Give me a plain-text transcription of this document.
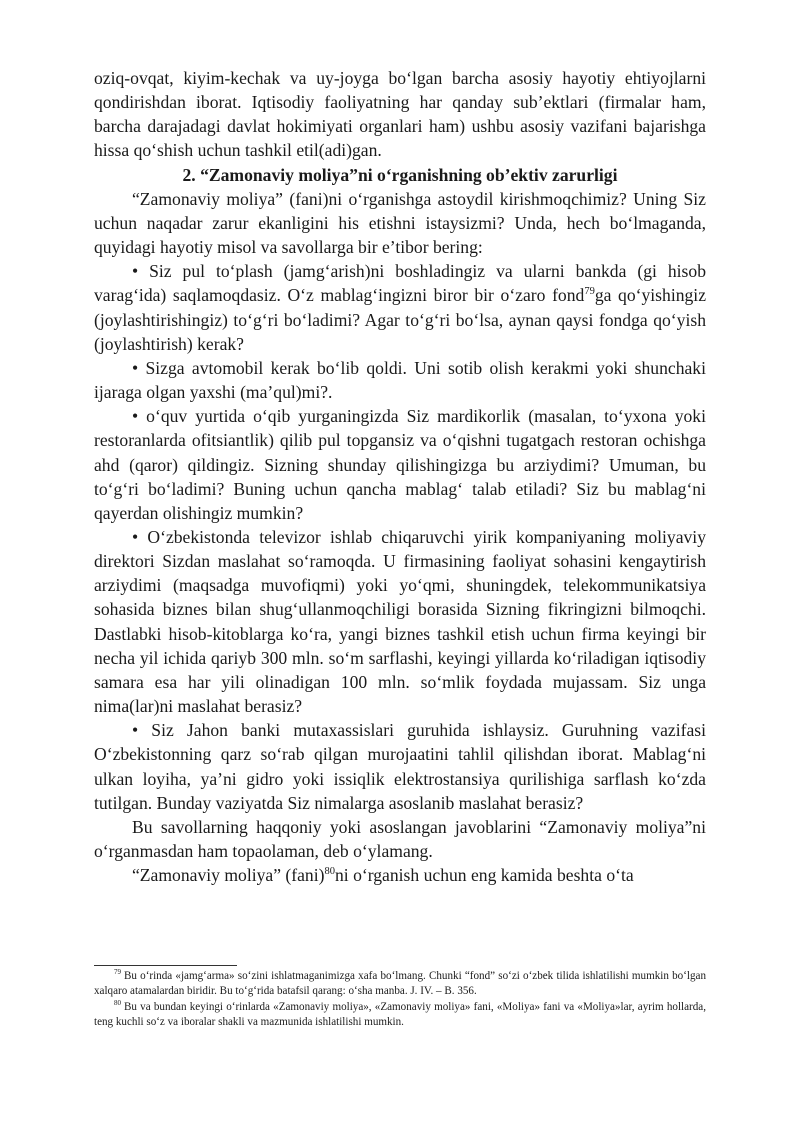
oziq-ovqat, kiyim-kechak va uy-joyga bo‘lgan barcha asosiy hayotiy ehtiyojlarni qondirishdan iborat. Iqtisodiy faoliyatning har qanday sub’ektlari (firmalar ham, barcha darajadagi davlat hokimiyati organlari ham) ushbu asosiy vazifani bajarishga hissa qo‘shish uchun tashkil etil(adi)gan.

2. “Zamonaviy moliya”ni o‘rganishning ob’ektiv zarurligi

“Zamonaviy moliya” (fani)ni o‘rganishga astoydil kirishmoqchimiz? Uning Siz uchun naqadar zarur ekanligini his etishni istaysizmi? Unda, hech bo‘lmaganda, quyidagi hayotiy misol va savollarga bir e’tibor bering:

• Siz pul to‘plash (jamg‘arish)ni boshladingiz va ularni bankda (gi hisob varag‘ida) saqlamoqdasiz. O‘z mablag‘ingizni biror bir o‘zaro fond$^{79}$ga qo‘yishingiz (joylashtirishingiz) to‘g‘ri bo‘ladimi? Agar to‘g‘ri bo‘lsa, aynan qaysi fondga qo‘yish (joylashtirish) kerak?

• Sizga avtomobil kerak bo‘lib qoldi. Uni sotib olish kerakmi yoki shunchaki ijaraga olgan yaxshi (ma’qul)mi?.

• o‘quv yurtida o‘qib yurganingizda Siz mardikorlik (masalan, to‘yxona yoki restoranlarda ofitsiantlik) qilib pul topgansiz va o‘qishni tugatgach restoran ochishga ahd (qaror) qildingiz. Sizning shunday qilishingizga bu arziydimi? Umuman, bu to‘g‘ri bo‘ladimi? Buning uchun qancha mablag‘ talab etiladi? Siz bu mablag‘ni qayerdan olishingiz mumkin?

• O‘zbekistonda televizor ishlab chiqaruvchi yirik kompaniyaning moliyaviy direktori Sizdan maslahat so‘ramoqda. U firmasining faoliyat sohasini kengaytirish arziydimi (maqsadga muvofiqmi) yoki yo‘qmi, shuningdek, telekommunikatsiya sohasida biznes bilan shug‘ullanmoqchiligi borasida Sizning fikringizni bilmoqchi. Dastlabki hisob-kitoblarga ko‘ra, yangi biznes tashkil etish uchun firma keyingi bir necha yil ichida qariyb 300 mln. so‘m sarflashi, keyingi yillarda ko‘riladigan iqtisodiy samara esa har yili olinadigan 100 mln. so‘mlik foydada mujassam. Siz unga nima(lar)ni maslahat berasiz?

• Siz Jahon banki mutaxassislari guruhida ishlaysiz. Guruhning vazifasi O‘zbekistonning qarz so‘rab qilgan murojaatini tahlil qilishdan iborat. Mablag‘ni ulkan loyiha, ya’ni gidro yoki issiqlik elektrostansiya qurilishiga sarflash ko‘zda tutilgan. Bunday vaziyatda Siz nimalarga asoslanib maslahat berasiz?

Bu savollarning haqqoniy yoki asoslangan javoblarini “Zamonaviy moliya”ni o‘rganmasdan ham topaolaman, deb o‘ylamang.

“Zamonaviy moliya” (fani)$^{80}$ni o‘rganish uchun eng kamida beshta o‘ta

$^{79}$ Bu o‘rinda «jamg‘arma» so‘zini ishlatmaganimizga xafa bo‘lmang. Chunki “fond” so‘zi o‘zbek tilida ishlatilishi mumkin bo‘lgan xalqaro atamalardan biridir. Bu to‘g‘rida batafsil qarang: o‘sha manba. J. IV. – B. 356.

$^{80}$ Bu va bundan keyingi o‘rinlarda «Zamonaviy moliya», «Zamonaviy moliya» fani, «Moliya» fani va «Moliya»lar, ayrim hollarda, teng kuchli so‘z va iboralar shakli va mazmunida ishlatilishi mumkin.
